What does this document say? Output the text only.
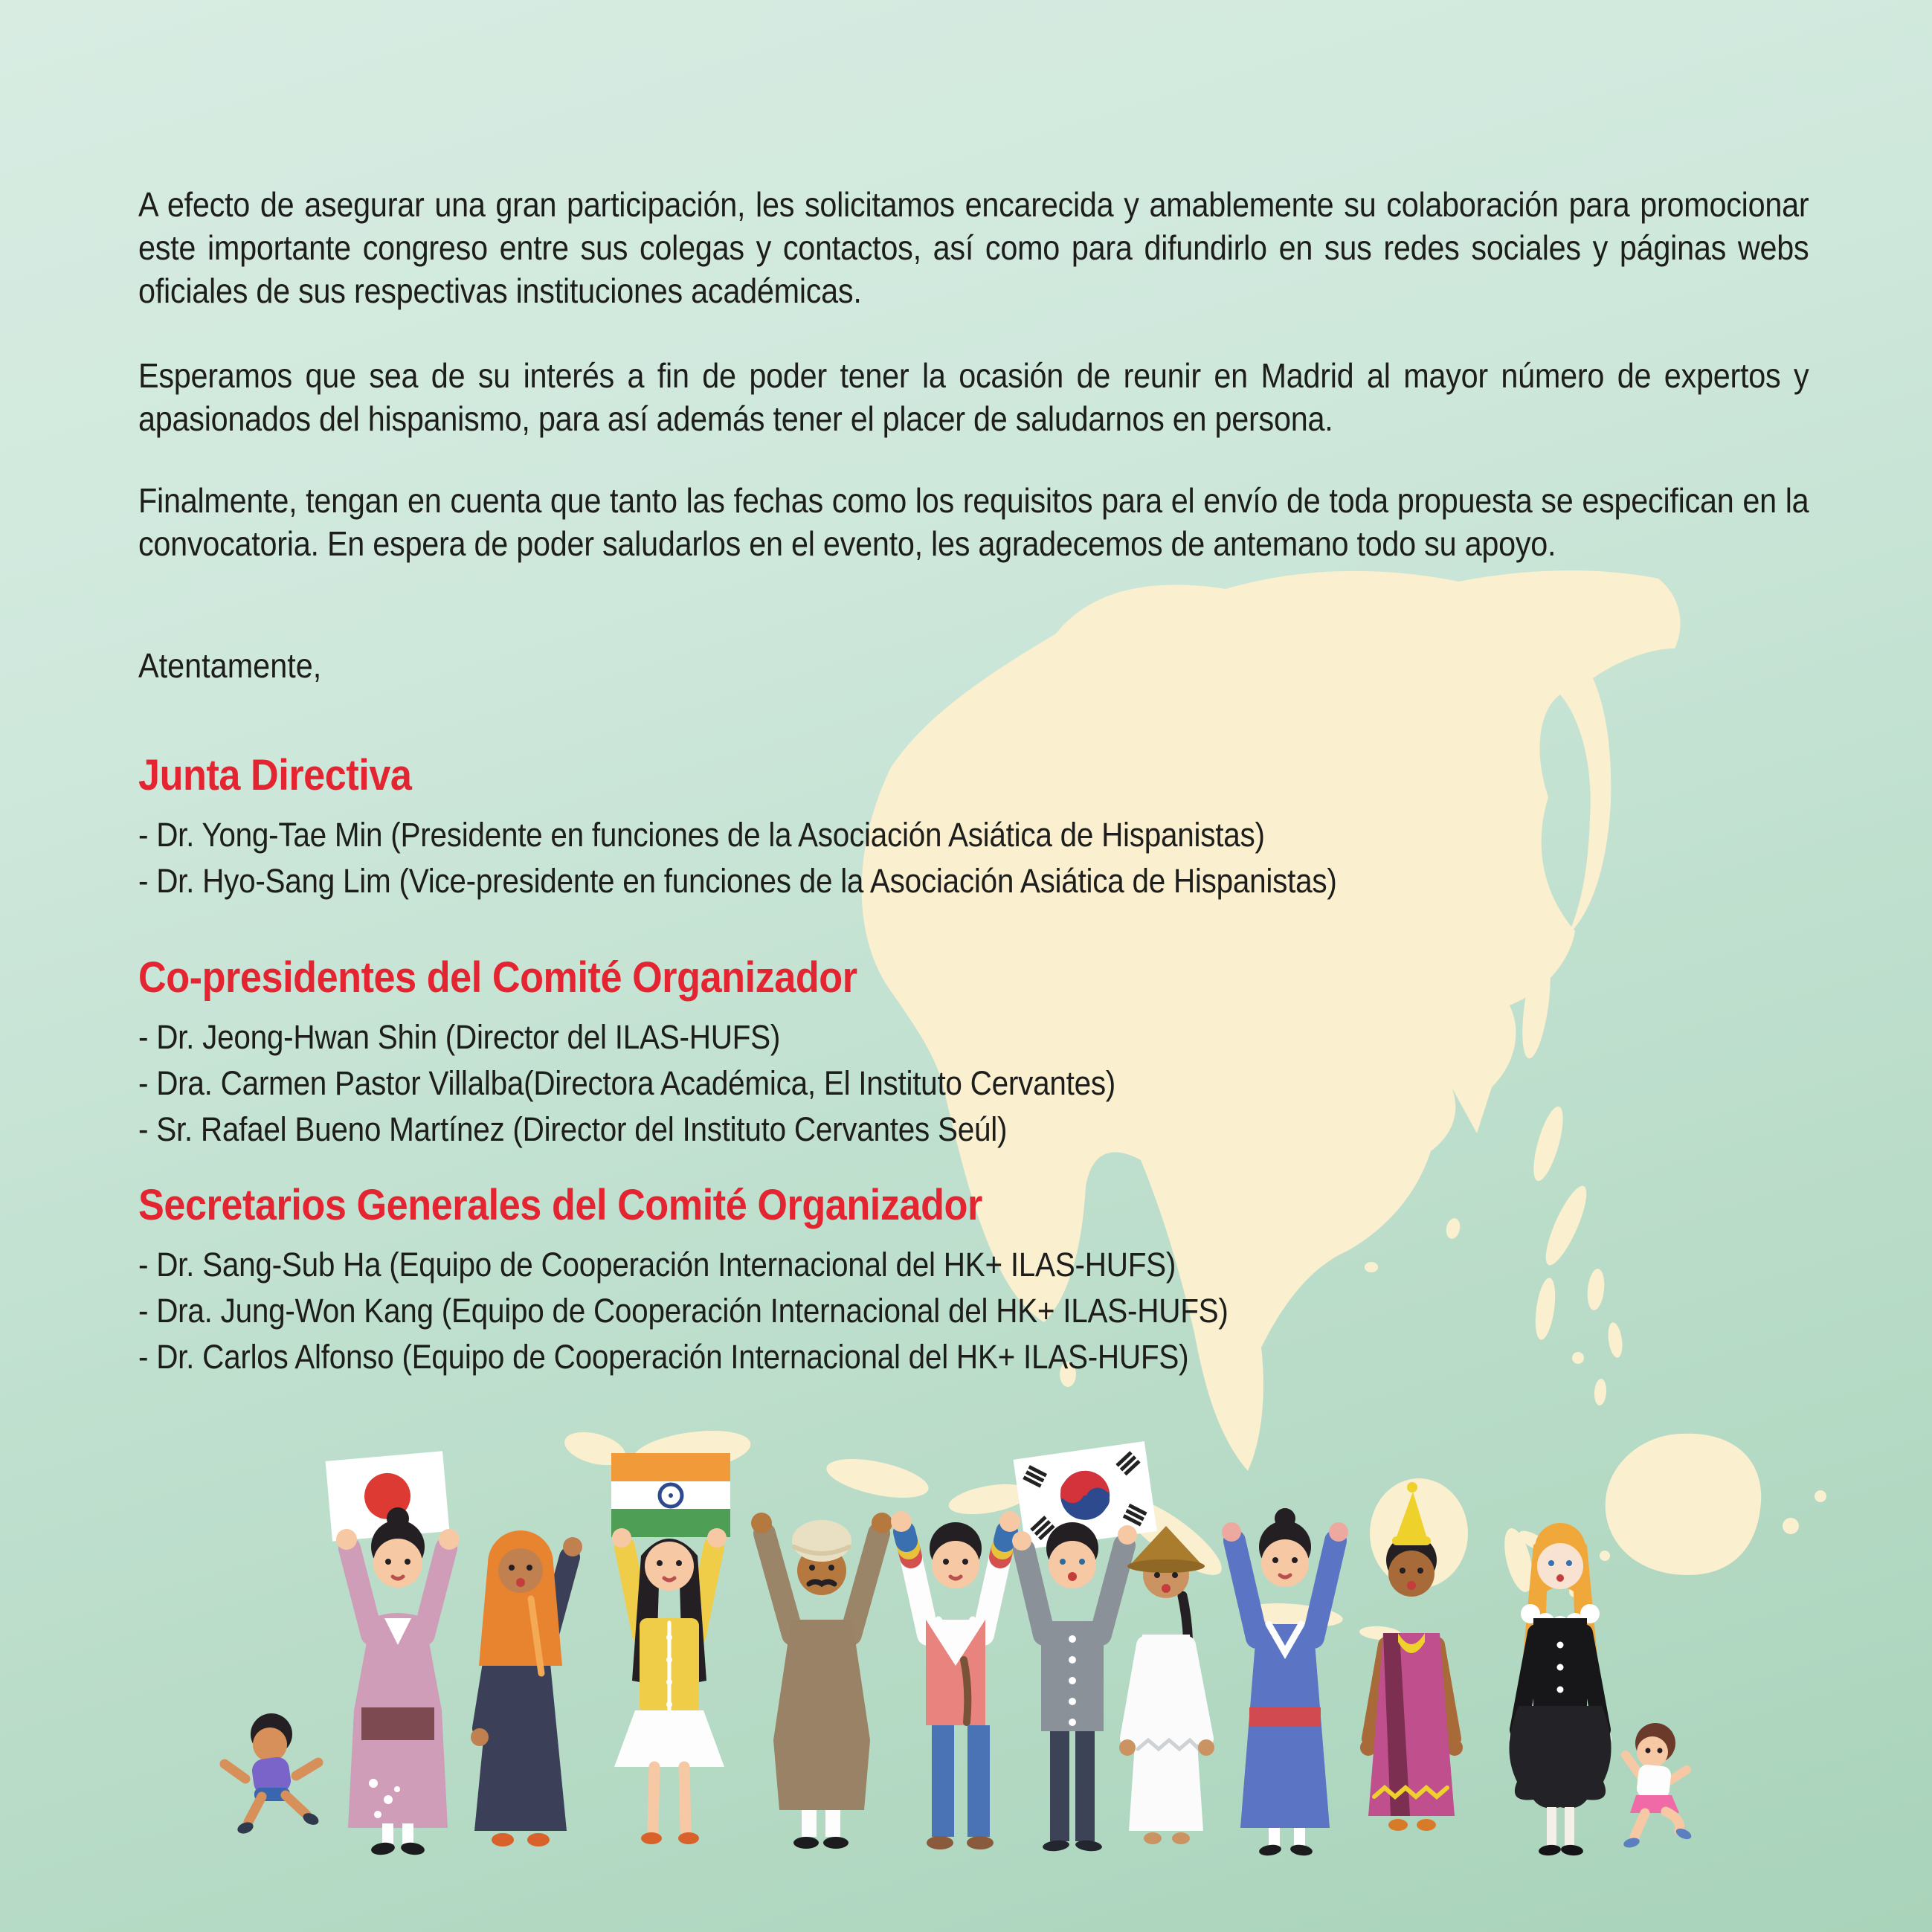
A efecto de asegurar una gran participación, les solicitamos encarecida y amablemente su colaboración para promocionar este importante congreso entre sus colegas y contactos, así como para difundirlo en sus redes sociales y páginas webs oficiales de sus respectivas instituciones académicas.

Esperamos que sea de su interés a fin de poder tener la ocasión de reunir en Madrid al mayor número de expertos y apasionados del hispanismo, para así además tener el placer de saludarnos en persona.

Finalmente, tengan en cuenta que tanto las fechas como los requisitos para el envío de toda propuesta se especifican en la convocatoria. En espera de poder saludarlos en el evento, les agradecemos de antemano todo su apoyo.

Atentamente,

Junta Directiva
- Dr. Yong-Tae Min (Presidente en funciones de la Asociación Asiática de Hispanistas)
- Dr. Hyo-Sang Lim (Vice-presidente en funciones de la Asociación Asiática de Hispanistas)
Co-presidentes del Comité Organizador
- Dr. Jeong-Hwan Shin (Director del ILAS-HUFS)
- Dra. Carmen Pastor Villalba(Directora Académica, El Instituto Cervantes)
- Sr. Rafael Bueno Martínez (Director del Instituto Cervantes Seúl)
Secretarios Generales del Comité Organizador
- Dr. Sang-Sub Ha (Equipo de Cooperación Internacional del HK+ ILAS-HUFS)
- Dra. Jung-Won Kang (Equipo de Cooperación Internacional del HK+ ILAS-HUFS)
- Dr. Carlos Alfonso (Equipo de Cooperación Internacional del HK+ ILAS-HUFS)
